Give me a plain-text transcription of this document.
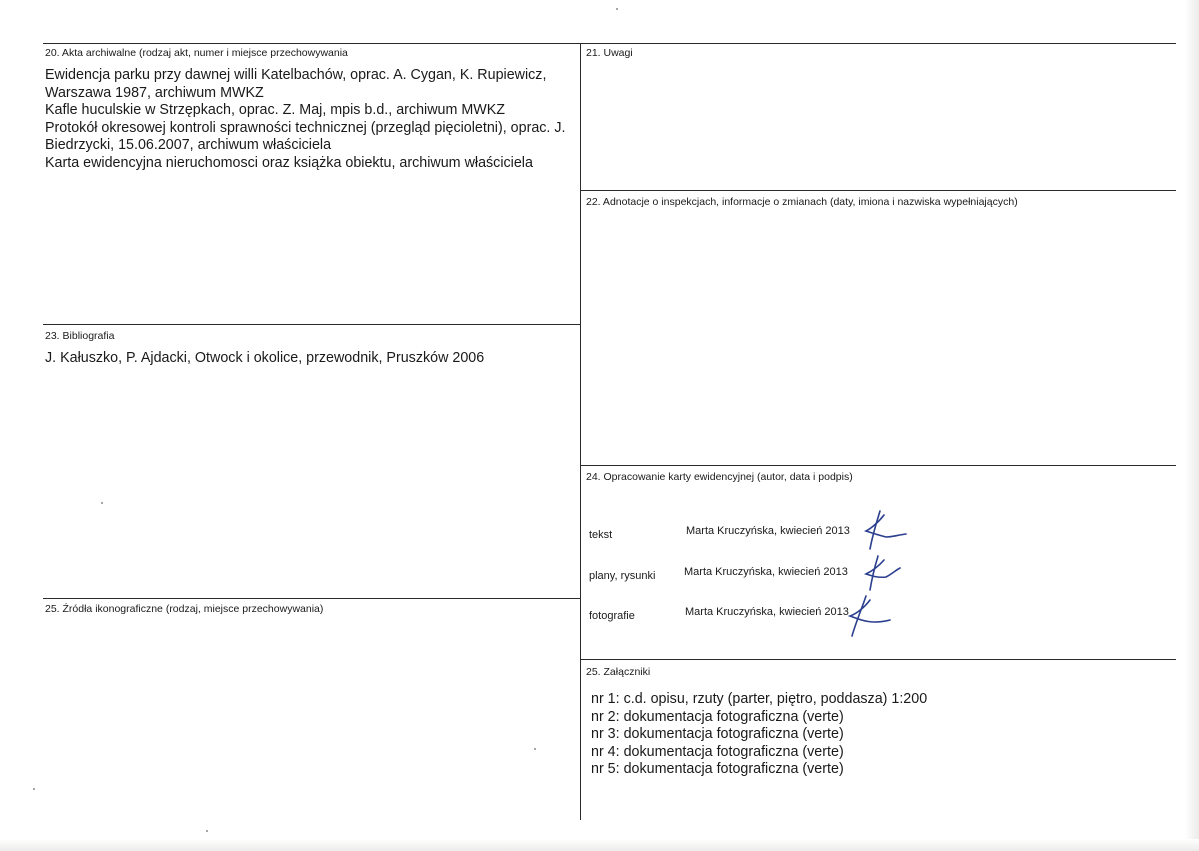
20. Akta archiwalne (rodzaj akt, numer i miejsce przechowywania
Ewidencja parku przy dawnej willi Katelbachów, oprac. A. Cygan, K. Rupiewicz,
Warszawa 1987, archiwum MWKZ
Kafle huculskie w Strzępkach, oprac. Z. Maj, mpis b.d., archiwum MWKZ
Protokół okresowej kontroli sprawności technicznej (przegląd pięcioletni), oprac. J.
Biedrzycki, 15.06.2007, archiwum właściciela
Karta ewidencyjna nieruchomosci oraz książka obiektu, archiwum właściciela
21. Uwagi
22. Adnotacje o inspekcjach, informacje o zmianach (daty, imiona i nazwiska wypełniających)
23. Bibliografia
J. Kałuszko, P. Ajdacki, Otwock i okolice, przewodnik, Pruszków 2006
24. Opracowanie karty ewidencyjnej (autor, data i podpis)
tekst	Marta Kruczyńska, kwiecień 2013
plany, rysunki	Marta Kruczyńska, kwiecień 2013
fotografie	Marta Kruczyńska, kwiecień 2013
25. Źródła ikonograficzne (rodzaj, miejsce przechowywania)
25. Załączniki
nr 1: c.d. opisu, rzuty (parter, piętro, poddasza) 1:200
nr 2: dokumentacja fotograficzna (verte)
nr 3: dokumentacja fotograficzna (verte)
nr 4: dokumentacja fotograficzna (verte)
nr 5: dokumentacja fotograficzna (verte)
